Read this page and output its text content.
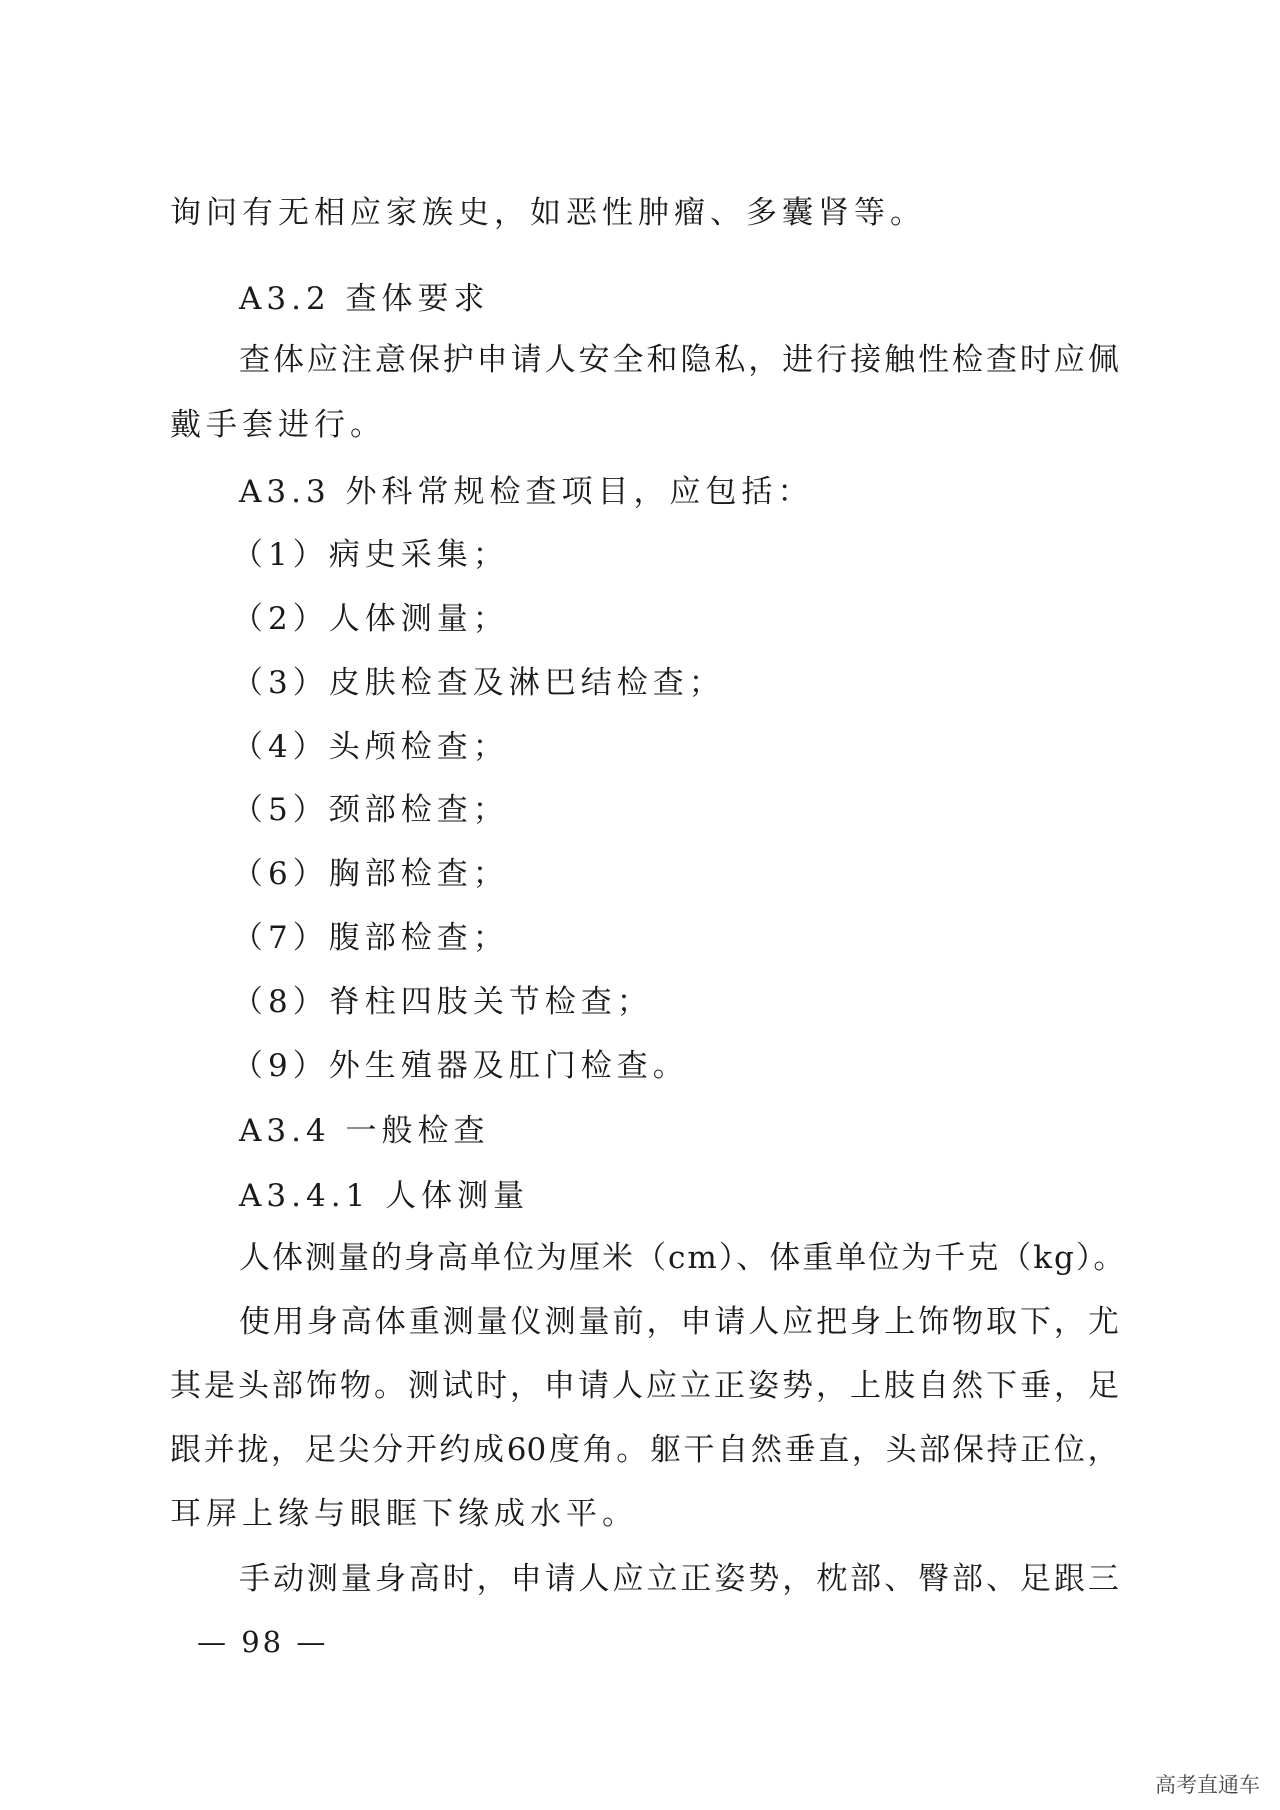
询问有无相应家族史，如恶性肿瘤、多囊肾等。
A3.2 查体要求
查 体 应 注 意 保 护 申 请 人 安 全 和 隐 私 ， 进 行 接 触 性 检 查 时 应 佩
戴手套进行。
A3.3 外科常规检查项目，应包括：
（1）病史采集；
（2）人体测量；
（3）皮肤检查及淋巴结检查；
（4）头颅检查；
（5）颈部检查；
（6）胸部检查；
（7）腹部检查；
（8）脊柱四肢关节检查；
（9）外生殖器及肛门检查。
A3.4 一般检查
A3.4.1 人体测量
人体测量的身高单位为厘米（cm）、体重单位为千克（kg）。
使 用 身 高 体 重 测 量 仪 测 量 前 ， 申 请 人 应 把 身 上 饰 物 取 下 ， 尤
其 是 头 部 饰 物 。 测 试 时 ， 申 请 人 应 立 正 姿 势 ， 上 肢 自 然 下 垂 ， 足
跟 并 拢 ， 足 尖 分 开 约 成 60 度 角 。 躯 干 自 然 垂 直 ， 头 部 保 持 正 位 ，
耳屏上缘与眼眶下缘成水平。
手 动 测 量 身 高 时 ， 申 请 人 应 立 正 姿 势 ， 枕 部 、 臀 部 、 足 跟 三
— 98 —
高考直通车
